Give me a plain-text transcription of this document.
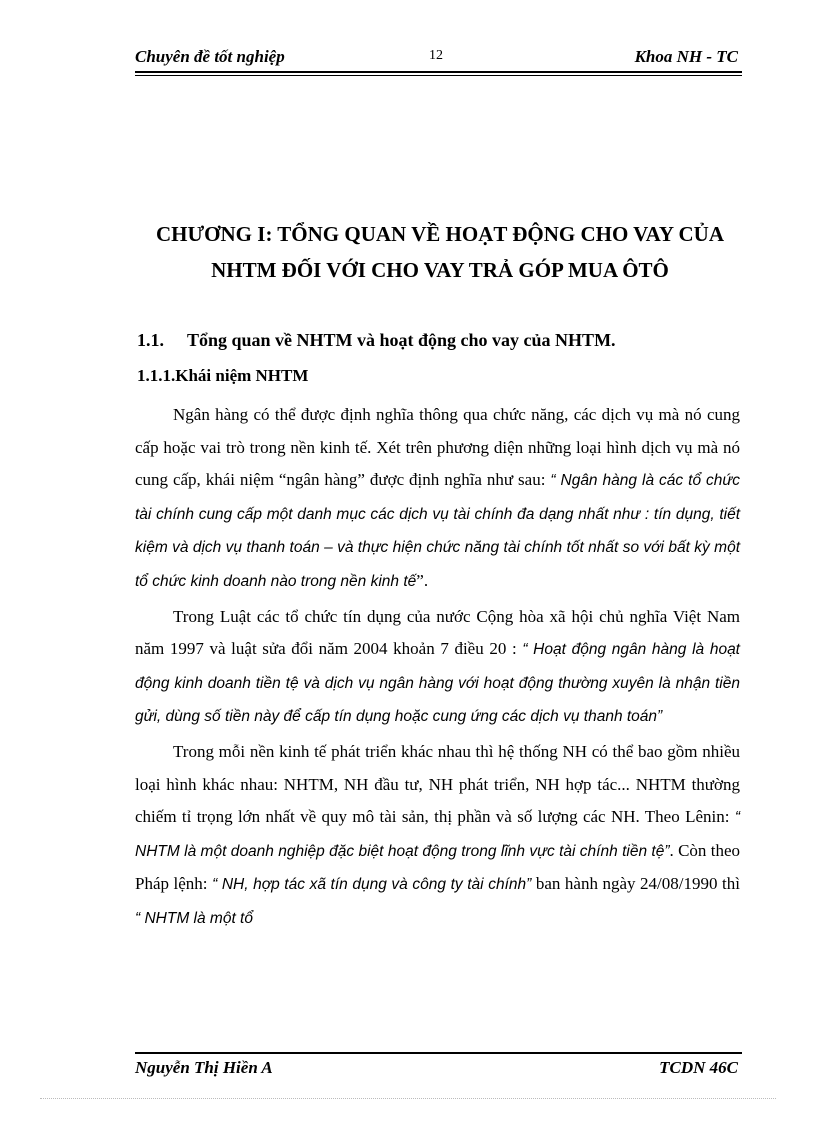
Chuyên đề tốt nghiệp	12	Khoa NH - TC
CHƯƠNG I: TỔNG QUAN VỀ HOẠT ĐỘNG CHO VAY CỦA
NHTM ĐỐI VỚI CHO VAY TRẢ GÓP MUA ÔTÔ
1.1. Tổng quan về NHTM và hoạt động cho vay của NHTM.
1.1.1.Khái niệm NHTM

Ngân hàng có thể được định nghĩa thông qua chức năng, các dịch vụ mà nó cung cấp hoặc vai trò trong nền kinh tế. Xét trên phương diện những loại hình dịch vụ mà nó cung cấp, khái niệm “ngân hàng” được định nghĩa như sau: “ Ngân hàng là các tổ chức tài chính cung cấp một danh mục các dịch vụ tài chính đa dạng nhất như : tín dụng, tiết kiệm và dịch vụ thanh toán – và thực hiện chức năng tài chính tốt nhất so với bất kỳ một tổ chức kinh doanh nào trong nền kinh tế”.

Trong Luật các tổ chức tín dụng của nước Cộng hòa xã hội chủ nghĩa Việt Nam năm 1997 và luật sửa đổi năm 2004 khoản 7 điều 20 : “ Hoạt động ngân hàng là hoạt động kinh doanh tiền tệ và dịch vụ ngân hàng với hoạt động thường xuyên là nhận tiền gửi, dùng số tiền này để cấp tín dụng hoặc cung ứng các dịch vụ thanh toán”

Trong mỗi nền kinh tế phát triển khác nhau thì hệ thống NH có thể bao gồm nhiều loại hình khác nhau: NHTM, NH đầu tư, NH phát triển, NH hợp tác... NHTM thường chiếm tỉ trọng lớn nhất về quy mô tài sản, thị phần và số lượng các NH. Theo Lênin: “ NHTM là một doanh nghiệp đặc biệt hoạt động trong lĩnh vực tài chính tiền tệ”. Còn theo Pháp lệnh: “ NH, hợp tác xã tín dụng và công ty tài chính” ban hành ngày 24/08/1990 thì “ NHTM là một tổ

Nguyễn Thị Hiền A	TCDN 46C
